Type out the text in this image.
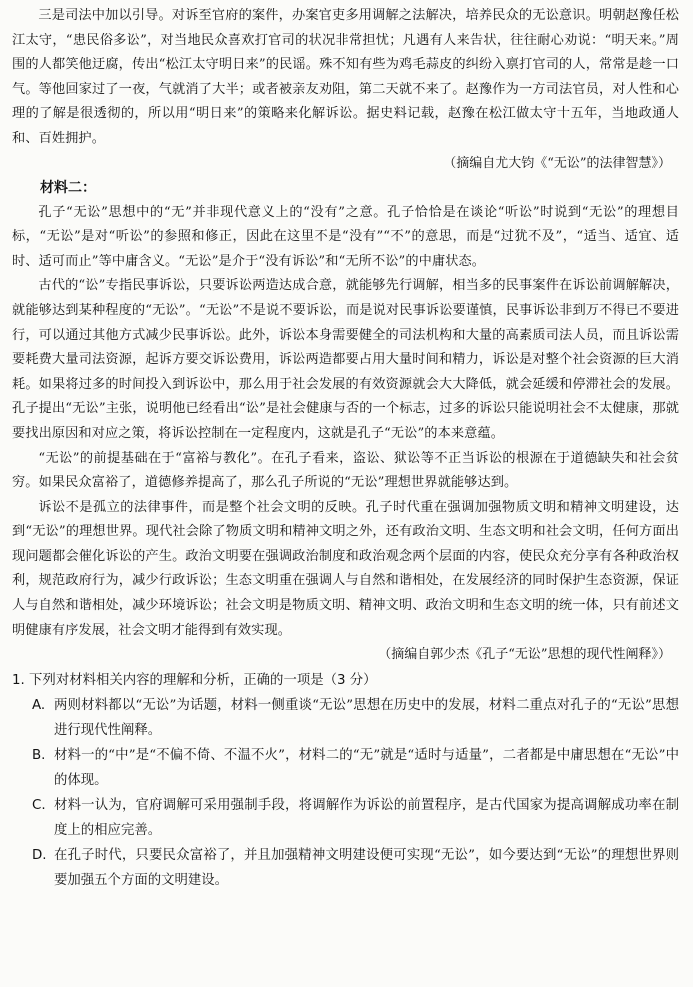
三是司法中加以引导。对诉至官府的案件，办案官吏多用调解之法解决，培养民众的无讼意识。明朝赵豫任松江太守，“患民俗多讼”，对当地民众喜欢打官司的状况非常担忧；凡遇有人来告状，往往耐心劝说：“明天来。”周围的人都笑他迂腐，传出“松江太守明日来”的民谣。殊不知有些为鸡毛蒜皮的纠纷入禀打官司的人，常常是趁一口气。等他回家过了一夜，气就消了大半；或者被亲友劝阻，第二天就不来了。赵豫作为一方司法官员，对人性和心理的了解是很透彻的，所以用“明日来”的策略来化解诉讼。据史料记载，赵豫在松江做太守十五年，当地政通人和、百姓拥护。

（摘编自尤大钧《“无讼”的法律智慧》）

材料二：

孔子“无讼”思想中的“无”并非现代意义上的“没有”之意。孔子恰恰是在谈论“听讼”时说到“无讼”的理想目标，“无讼”是对“听讼”的参照和修正，因此在这里不是“没有”“不”的意思，而是“过犹不及”，“适当、适宜、适时、适可而止”等中庸含义。“无讼”是介于“没有诉讼”和“无所不讼”的中庸状态。

古代的“讼”专指民事诉讼，只要诉讼两造达成合意，就能够先行调解，相当多的民事案件在诉讼前调解解决，就能够达到某种程度的“无讼”。“无讼”不是说不要诉讼，而是说对民事诉讼要谨慎，民事诉讼非到万不得已不要进行，可以通过其他方式减少民事诉讼。此外，诉讼本身需要健全的司法机构和大量的高素质司法人员，而且诉讼需要耗费大量司法资源，起诉方要交诉讼费用，诉讼两造都要占用大量时间和精力，诉讼是对整个社会资源的巨大消耗。如果将过多的时间投入到诉讼中，那么用于社会发展的有效资源就会大大降低，就会延缓和停滞社会的发展。孔子提出“无讼”主张，说明他已经看出“讼”是社会健康与否的一个标志，过多的诉讼只能说明社会不太健康，那就要找出原因和对应之策，将诉讼控制在一定程度内，这就是孔子“无讼”的本来意蕴。

“无讼”的前提基础在于“富裕与教化”。在孔子看来，盗讼、狱讼等不正当诉讼的根源在于道德缺失和社会贫穷。如果民众富裕了，道德修养提高了，那么孔子所说的“无讼”理想世界就能够达到。

诉讼不是孤立的法律事件，而是整个社会文明的反映。孔子时代重在强调加强物质文明和精神文明建设，达到“无讼”的理想世界。现代社会除了物质文明和精神文明之外，还有政治文明、生态文明和社会文明，任何方面出现问题都会催化诉讼的产生。政治文明要在强调政治制度和政治观念两个层面的内容，使民众充分享有各种政治权利，规范政府行为，减少行政诉讼；生态文明重在强调人与自然和谐相处，在发展经济的同时保护生态资源，保证人与自然和谐相处，减少环境诉讼；社会文明是物质文明、精神文明、政治文明和生态文明的统一体，只有前述文明健康有序发展，社会文明才能得到有效实现。

（摘编自郭少杰《孔子“无讼”思想的现代性阐释》）

1. 下列对材料相关内容的理解和分析，正确的一项是（3 分）

A. 两则材料都以“无讼”为话题，材料一侧重谈“无讼”思想在历史中的发展，材料二重点对孔子的“无讼”思想进行现代性阐释。
B. 材料一的“中”是“不偏不倚、不温不火”，材料二的“无”就是“适时与适量”，二者都是中庸思想在“无讼”中的体现。
C. 材料一认为，官府调解可采用强制手段，将调解作为诉讼的前置程序，是古代国家为提高调解成功率在制度上的相应完善。
D. 在孔子时代，只要民众富裕了，并且加强精神文明建设便可实现“无讼”，如今要达到“无讼”的理想世界则要加强五个方面的文明建设。
